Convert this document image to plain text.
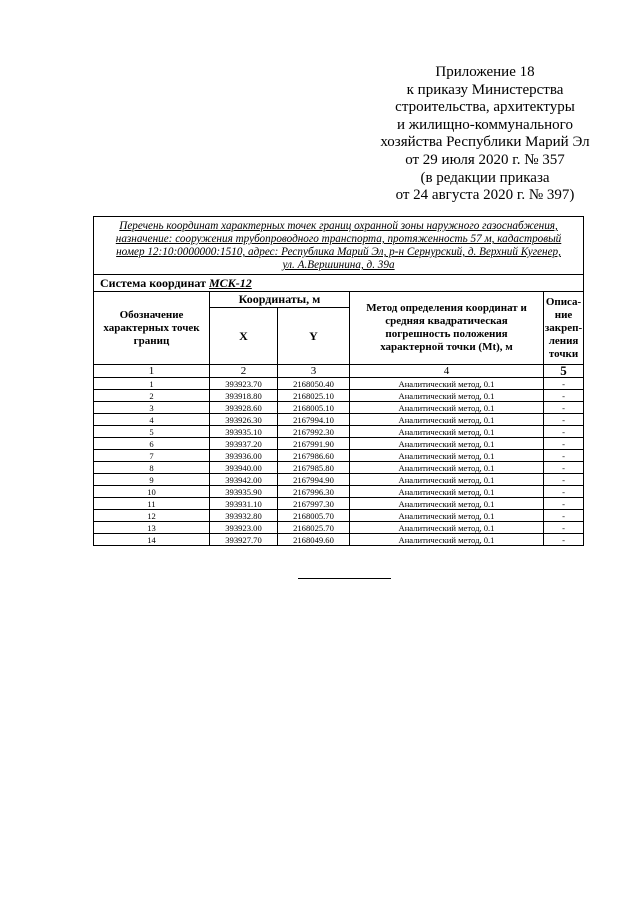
Приложение 18
к приказу Министерства
строительства, архитектуры
и жилищно-коммунального
хозяйства Республики Марий Эл
от 29 июля 2020 г. № 357
(в редакции приказа
от 24 августа 2020 г. № 397)
Перечень координат характерных точек границ охранной зоны наружного газоснабжения,
назначение: сооружения трубопроводного транспорта, протяженность 57 м, кадастровый
номер 12:10:0000000:1510, адрес: Республика Марий Эл, р-н Сернурский, д. Верхний Кугенер,
ул. А.Вершинина, д. 39а				

Система координат МСК-12				
Обозначение характерных точек границ	Координаты, м		Метод определения координат и средняя квадратическая погрешность положения характерной точки (Mt), м	Описа-
ние
закреп-
ления
точки

	X	Y		
1	2	3	4	5
1	393923.70	2168050.40	Аналитический метод, 0.1	-
2	393918.80	2168025.10	Аналитический метод, 0.1	-
3	393928.60	2168005.10	Аналитический метод, 0.1	-
4	393926.30	2167994.10	Аналитический метод, 0.1	-
5	393935.10	2167992.30	Аналитический метод, 0.1	-
6	393937.20	2167991.90	Аналитический метод, 0.1	-
7	393936.00	2167986.60	Аналитический метод, 0.1	-
8	393940.00	2167985.80	Аналитический метод, 0.1	-
9	393942.00	2167994.90	Аналитический метод, 0.1	-
10	393935.90	2167996.30	Аналитический метод, 0.1	-
11	393931.10	2167997.30	Аналитический метод, 0.1	-
12	393932.80	2168005.70	Аналитический метод, 0.1	-
13	393923.00	2168025.70	Аналитический метод, 0.1	-
14	393927.70	2168049.60	Аналитический метод, 0.1	-
